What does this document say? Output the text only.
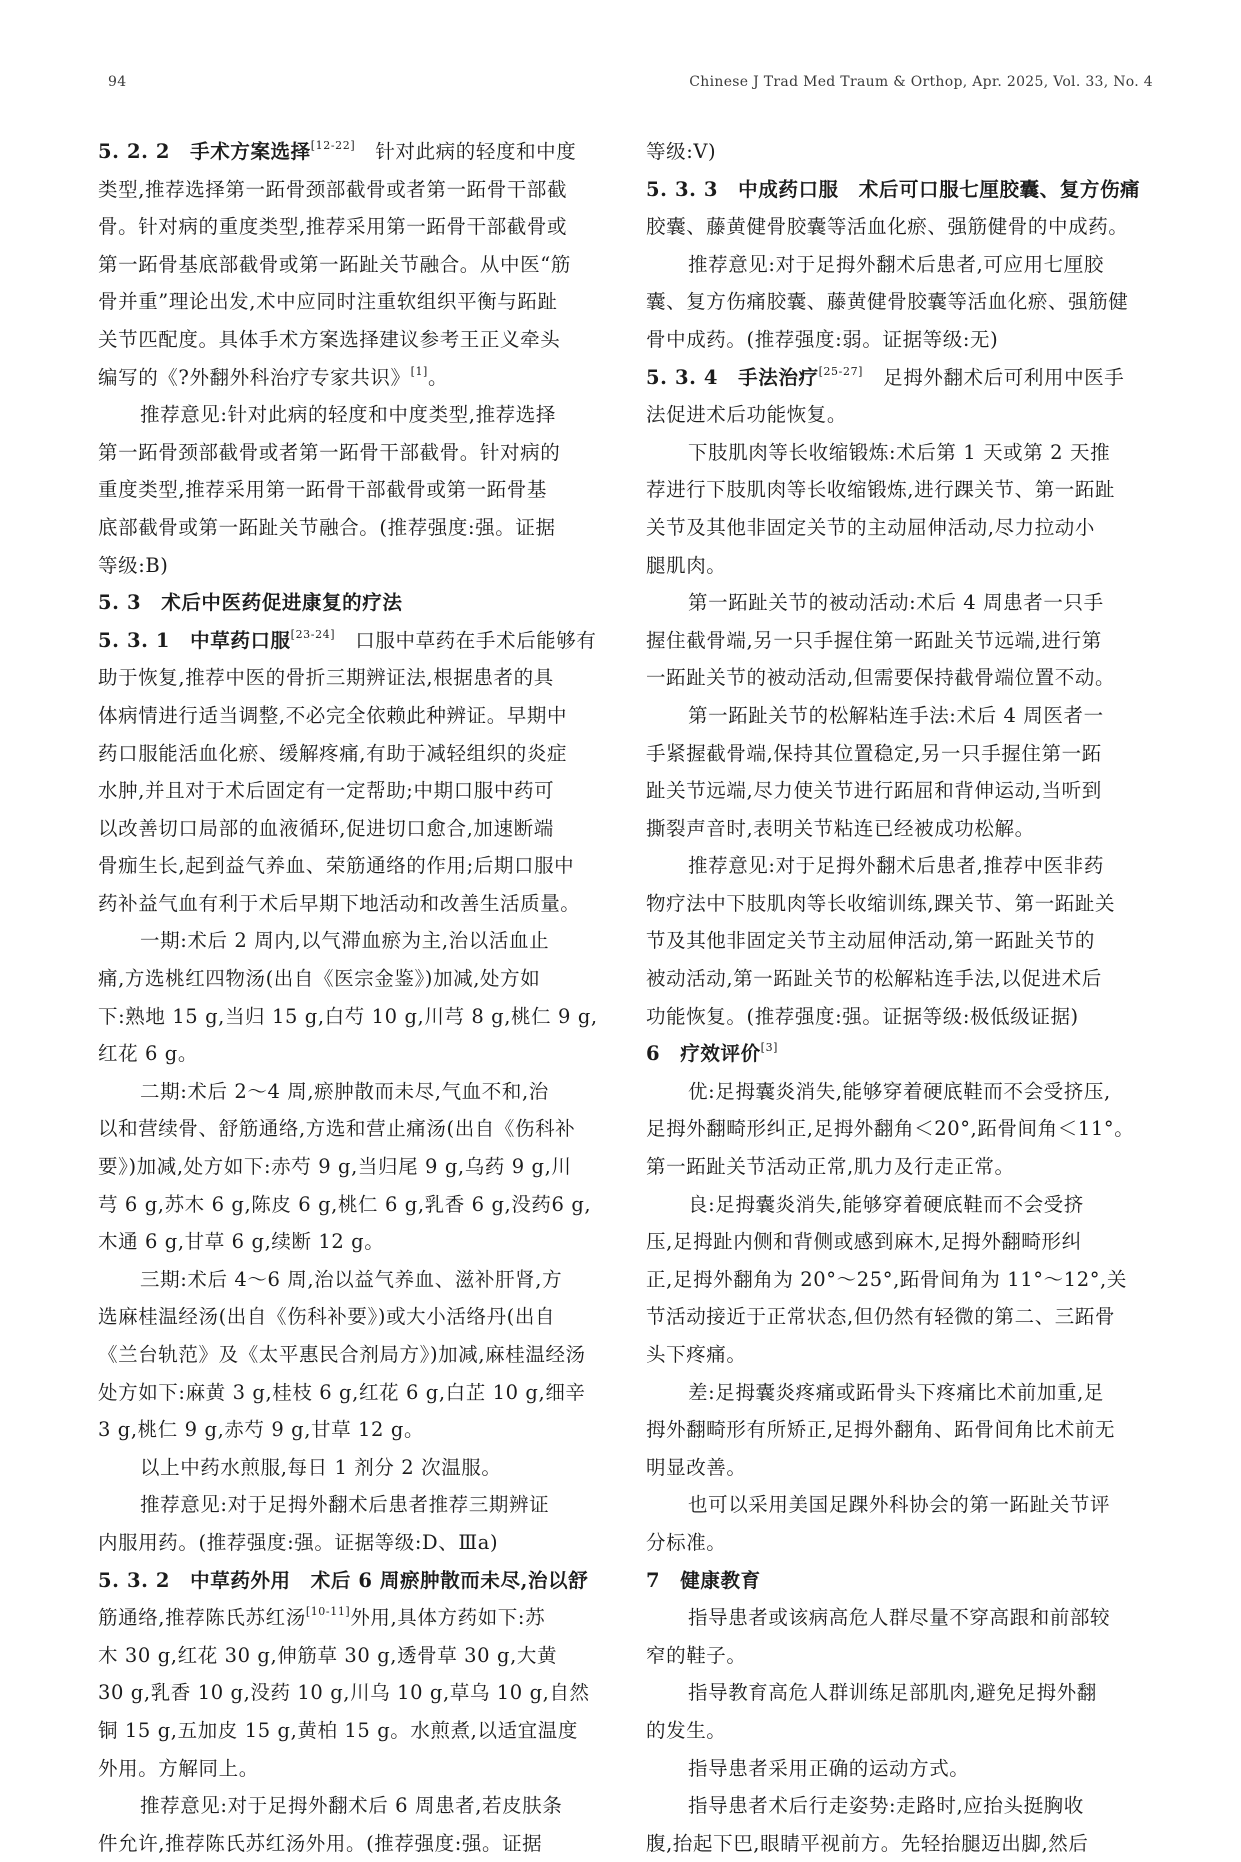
94	Chinese J Trad Med Traum & Orthop, Apr. 2025, Vol. 33, No. 4
5. 2. 2　手术方案选择[12-22]　针对此病的轻度和中度
类型,推荐选择第一跖骨颈部截骨或者第一跖骨干部截
骨。针对病的重度类型,推荐采用第一跖骨干部截骨或
第一跖骨基底部截骨或第一跖趾关节融合。从中医“筋
骨并重”理论出发,术中应同时注重软组织平衡与跖趾
关节匹配度。具体手术方案选择建议参考王正义牵头
编写的《?外翻外科治疗专家共识》[1]。
推荐意见:针对此病的轻度和中度类型,推荐选择
第一跖骨颈部截骨或者第一跖骨干部截骨。针对病的
重度类型,推荐采用第一跖骨干部截骨或第一跖骨基
底部截骨或第一跖趾关节融合。(推荐强度:强。证据
等级:B)
5. 3　术后中医药促进康复的疗法
5. 3. 1　中草药口服[23-24]　口服中草药在手术后能够有
助于恢复,推荐中医的骨折三期辨证法,根据患者的具
体病情进行适当调整,不必完全依赖此种辨证。早期中
药口服能活血化瘀、缓解疼痛,有助于减轻组织的炎症
水肿,并且对于术后固定有一定帮助;中期口服中药可
以改善切口局部的血液循环,促进切口愈合,加速断端
骨痂生长,起到益气养血、荣筋通络的作用;后期口服中
药补益气血有利于术后早期下地活动和改善生活质量。
一期:术后 2 周内,以气滞血瘀为主,治以活血止
痛,方选桃红四物汤(出自《医宗金鉴》)加减,处方如
下:熟地 15 g,当归 15 g,白芍 10 g,川芎 8 g,桃仁 9 g,
红花 6 g。
二期:术后 2～4 周,瘀肿散而未尽,气血不和,治
以和营续骨、舒筋通络,方选和营止痛汤(出自《伤科补
要》)加减,处方如下:赤芍 9 g,当归尾 9 g,乌药 9 g,川
芎 6 g,苏木 6 g,陈皮 6 g,桃仁 6 g,乳香 6 g,没药6 g,
木通 6 g,甘草 6 g,续断 12 g。
三期:术后 4～6 周,治以益气养血、滋补肝肾,方
选麻桂温经汤(出自《伤科补要》)或大小活络丹(出自
《兰台轨范》及《太平惠民合剂局方》)加减,麻桂温经汤
处方如下:麻黄 3 g,桂枝 6 g,红花 6 g,白芷 10 g,细辛
3 g,桃仁 9 g,赤芍 9 g,甘草 12 g。
以上中药水煎服,每日 1 剂分 2 次温服。
推荐意见:对于足拇外翻术后患者推荐三期辨证
内服用药。(推荐强度:强。证据等级:D、Ⅲa)
5. 3. 2　中草药外用　术后 6 周瘀肿散而未尽,治以舒
筋通络,推荐陈氏苏红汤[10-11]外用,具体方药如下:苏
木 30 g,红花 30 g,伸筋草 30 g,透骨草 30 g,大黄
30 g,乳香 10 g,没药 10 g,川乌 10 g,草乌 10 g,自然
铜 15 g,五加皮 15 g,黄柏 15 g。水煎煮,以适宜温度
外用。方解同上。
推荐意见:对于足拇外翻术后 6 周患者,若皮肤条
件允许,推荐陈氏苏红汤外用。(推荐强度:强。证据
等级:Ⅴ)
5. 3. 3　中成药口服　术后可口服七厘胶囊、复方伤痛
胶囊、藤黄健骨胶囊等活血化瘀、强筋健骨的中成药。
推荐意见:对于足拇外翻术后患者,可应用七厘胶
囊、复方伤痛胶囊、藤黄健骨胶囊等活血化瘀、强筋健
骨中成药。(推荐强度:弱。证据等级:无)
5. 3. 4　手法治疗[25-27]　足拇外翻术后可利用中医手
法促进术后功能恢复。
下肢肌肉等长收缩锻炼:术后第 1 天或第 2 天推
荐进行下肢肌肉等长收缩锻炼,进行踝关节、第一跖趾
关节及其他非固定关节的主动屈伸活动,尽力拉动小
腿肌肉。
第一跖趾关节的被动活动:术后 4 周患者一只手
握住截骨端,另一只手握住第一跖趾关节远端,进行第
一跖趾关节的被动活动,但需要保持截骨端位置不动。
第一跖趾关节的松解粘连手法:术后 4 周医者一
手紧握截骨端,保持其位置稳定,另一只手握住第一跖
趾关节远端,尽力使关节进行跖屈和背伸运动,当听到
撕裂声音时,表明关节粘连已经被成功松解。
推荐意见:对于足拇外翻术后患者,推荐中医非药
物疗法中下肢肌肉等长收缩训练,踝关节、第一跖趾关
节及其他非固定关节主动屈伸活动,第一跖趾关节的
被动活动,第一跖趾关节的松解粘连手法,以促进术后
功能恢复。(推荐强度:强。证据等级:极低级证据)
6　疗效评价[3]
优:足拇囊炎消失,能够穿着硬底鞋而不会受挤压,
足拇外翻畸形纠正,足拇外翻角＜20°,跖骨间角＜11°。
第一跖趾关节活动正常,肌力及行走正常。
良:足拇囊炎消失,能够穿着硬底鞋而不会受挤
压,足拇趾内侧和背侧或感到麻木,足拇外翻畸形纠
正,足拇外翻角为 20°～25°,跖骨间角为 11°～12°,关
节活动接近于正常状态,但仍然有轻微的第二、三跖骨
头下疼痛。
差:足拇囊炎疼痛或跖骨头下疼痛比术前加重,足
拇外翻畸形有所矫正,足拇外翻角、跖骨间角比术前无
明显改善。
也可以采用美国足踝外科协会的第一跖趾关节评
分标准。
7　健康教育
指导患者或该病高危人群尽量不穿高跟和前部较
窄的鞋子。
指导教育高危人群训练足部肌肉,避免足拇外翻
的发生。
指导患者采用正确的运动方式。
指导患者术后行走姿势:走路时,应抬头挺胸收
腹,抬起下巴,眼睛平视前方。先轻抬腿迈出脚,然后
